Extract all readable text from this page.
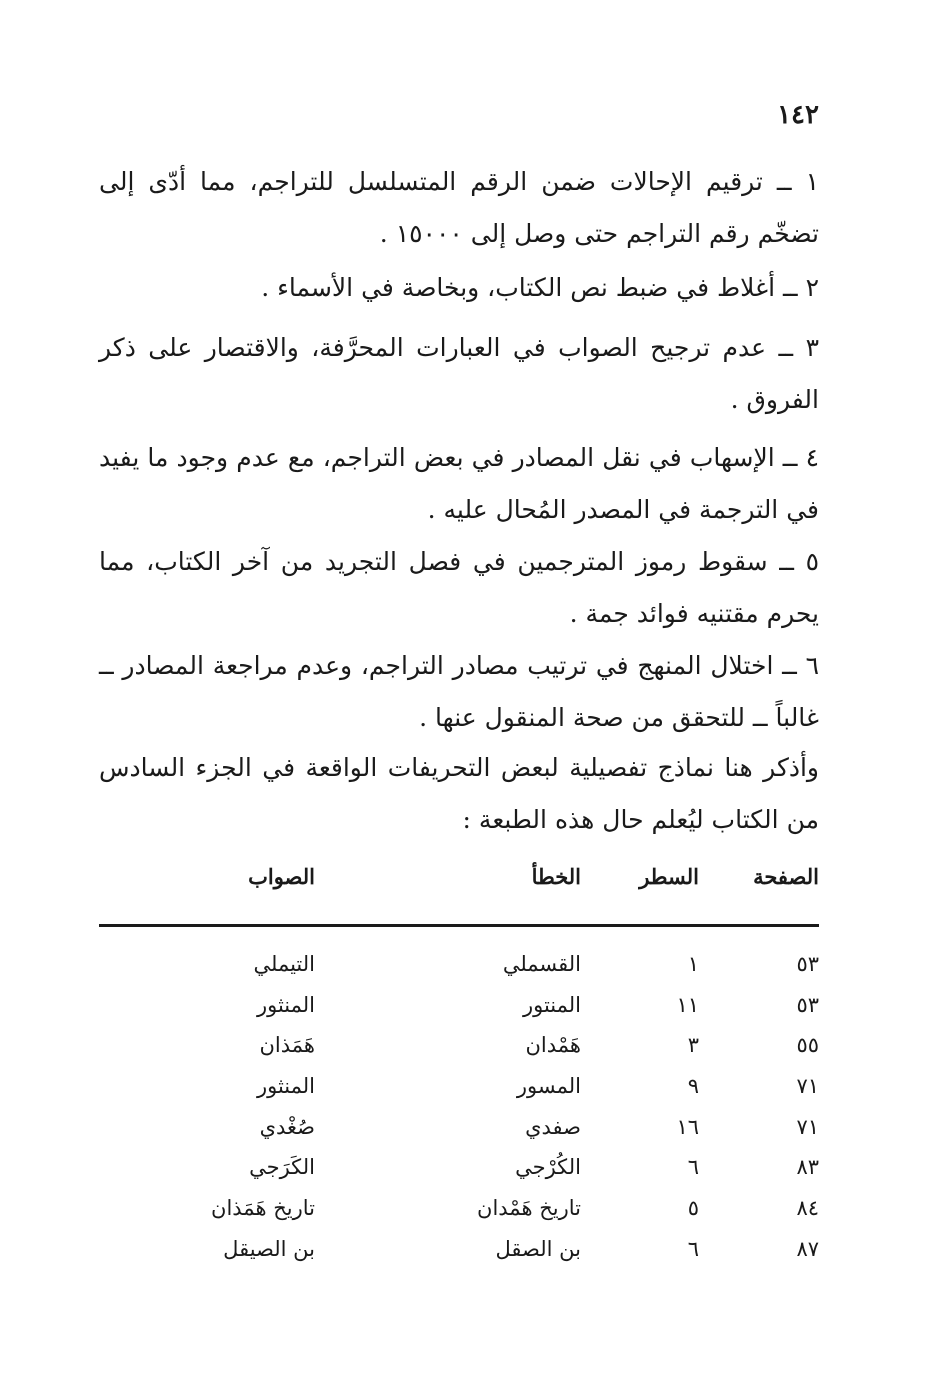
١٤٢
١ ــ ترقيم الإحالات ضمن الرقم المتسلسل للتراجم، مما أدّى إلى تضخّم رقم التراجم حتى وصل إلى ١٥٠٠٠ .
٢ ــ أغلاط في ضبط نص الكتاب، وبخاصة في الأسماء .
٣ ــ عدم ترجيح الصواب في العبارات المحرَّفة، والاقتصار على ذكر الفروق .
٤ ــ الإسهاب في نقل المصادر في بعض التراجم، مع عدم وجود ما يفيد في الترجمة في المصدر المُحال عليه .
٥ ــ سقوط رموز المترجمين في فصل التجريد من آخر الكتاب، مما يحرم مقتنيه فوائد جمة .
٦ ــ اختلال المنهج في ترتيب مصادر التراجم، وعدم مراجعة المصادر ــ غالباً ــ للتحقق من صحة المنقول عنها .
وأذكر هنا نماذج تفصيلية لبعض التحريفات الواقعة في الجزء السادس من الكتاب ليُعلم حال هذه الطبعة :
الصفحة
السطر
الخطأ
الصواب
٥٣
١
القسملي
التيملي
٥٣
١١
المنتور
المنثور
٥٥
٣
هَمْدان
هَمَذان
٧١
٩
المسور
المنثور
٧١
١٦
صفدي
صُغْدي
٨٣
٦
الكُرْجي
الكَرَجي
٨٤
٥
تاريخ هَمْدان
تاريخ هَمَذان
٨٧
٦
بن الصقل
بن الصيقل
